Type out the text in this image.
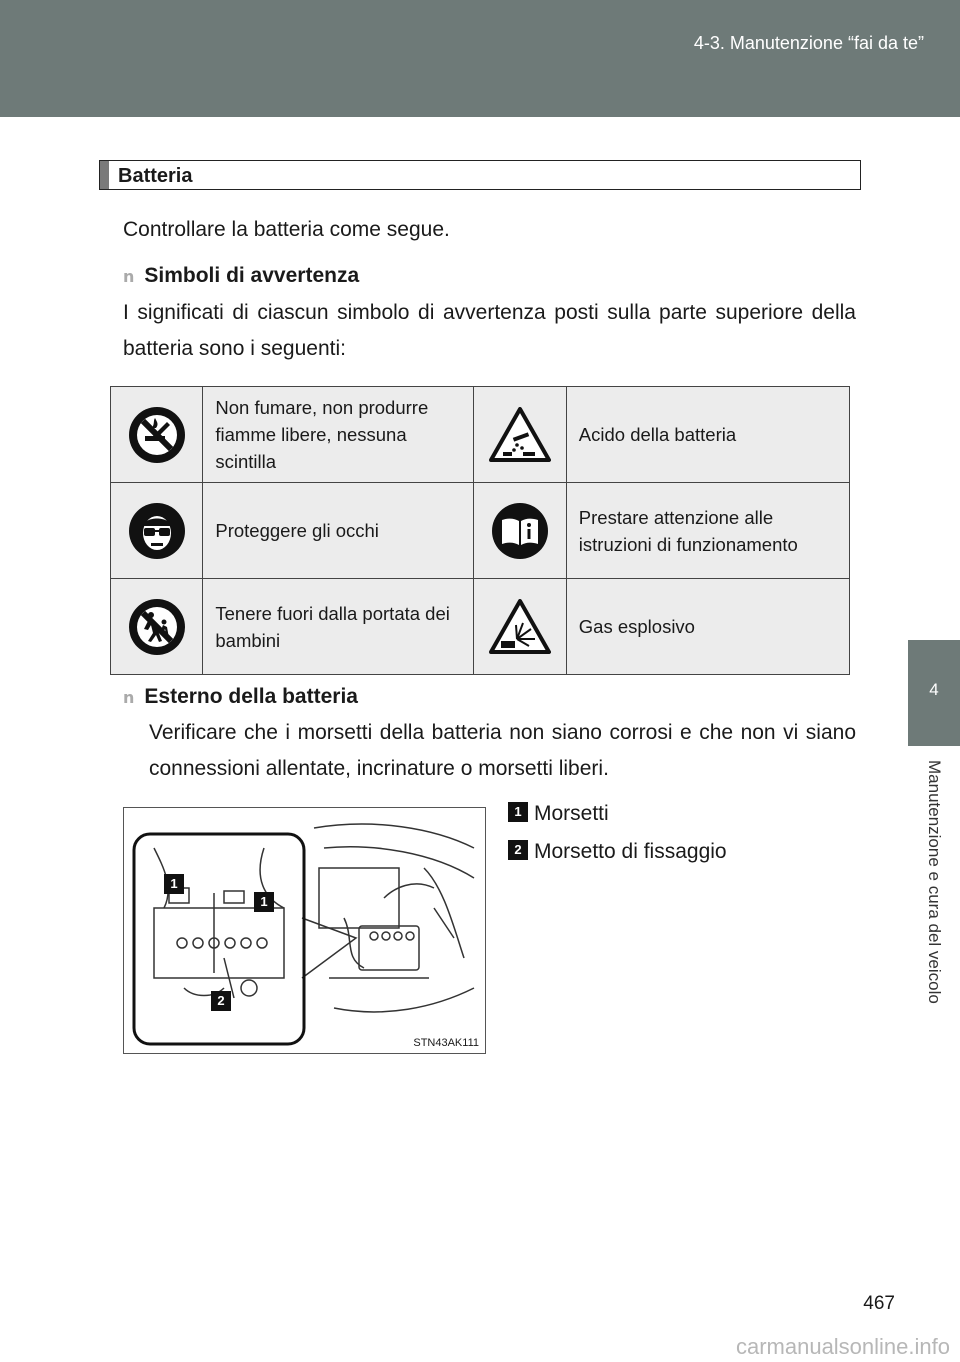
4-3. Manutenzione “fai da te”
4
Manutenzione e cura del veicolo
Batteria
Controllare la batteria come segue.
n Simboli di avvertenza
I significati di ciascun simbolo di avvertenza posti sulla parte superiore della batteria sono i seguenti:
	Non fumare, non produrre fiamme libere, nessuna scintilla		Acido della batteria

	Proteggere gli occhi		Prestare attenzione alle istruzioni di funzionamento

	Tenere fuori dalla portata dei bambini		Gas esplosivo
n Esterno della batteria
Verificare che i morsetti della batteria non siano corrosi e che non vi siano connessioni allentate, incrinature o morsetti liberi.
1
1
2
STN43AK111
1 Morsetti
2 Morsetto di fissaggio
467
carmanualsonline.info
